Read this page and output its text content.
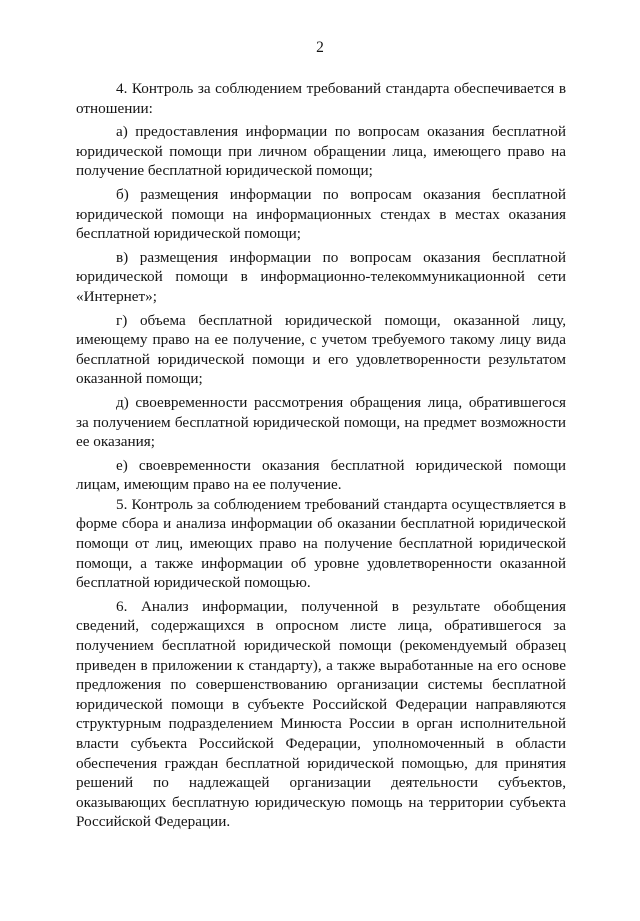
2

4. Контроль за соблюдением требований стандарта обеспечивается в отношении:

а) предоставления информации по вопросам оказания бесплатной юридической помощи при личном обращении лица, имеющего право на получение бесплатной юридической помощи;

б) размещения информации по вопросам оказания бесплатной юридической помощи на информационных стендах в местах оказания бесплатной юридической помощи;

в) размещения информации по вопросам оказания бесплатной юридической помощи в информационно-телекоммуникационной сети «Интернет»;

г) объема бесплатной юридической помощи, оказанной лицу, имеющему право на ее получение, с учетом требуемого такому лицу вида бесплатной юридической помощи и его удовлетворенности результатом оказанной помощи;

д) своевременности рассмотрения обращения лица, обратившегося за получением бесплатной юридической помощи, на предмет возможности ее оказания;

е) своевременности оказания бесплатной юридической помощи лицам, имеющим право на ее получение.

5. Контроль за соблюдением требований стандарта осуществляется в форме сбора и анализа информации об оказании бесплатной юридической помощи от лиц, имеющих право на получение бесплатной юридической помощи, а также информации об уровне удовлетворенности оказанной бесплатной юридической помощью.

6. Анализ информации, полученной в результате обобщения сведений, содержащихся в опросном листе лица, обратившегося за получением бесплатной юридической помощи (рекомендуемый образец приведен в приложении к стандарту), а также выработанные на его основе предложения по совершенствованию организации системы бесплатной юридической помощи в субъекте Российской Федерации направляются структурным подразделением Минюста России в орган исполнительной власти субъекта Российской Федерации, уполномоченный в области обеспечения граждан бесплатной юридической помощью, для принятия решений по надлежащей организации деятельности субъектов, оказывающих бесплатную юридическую помощь на территории субъекта Российской Федерации.
